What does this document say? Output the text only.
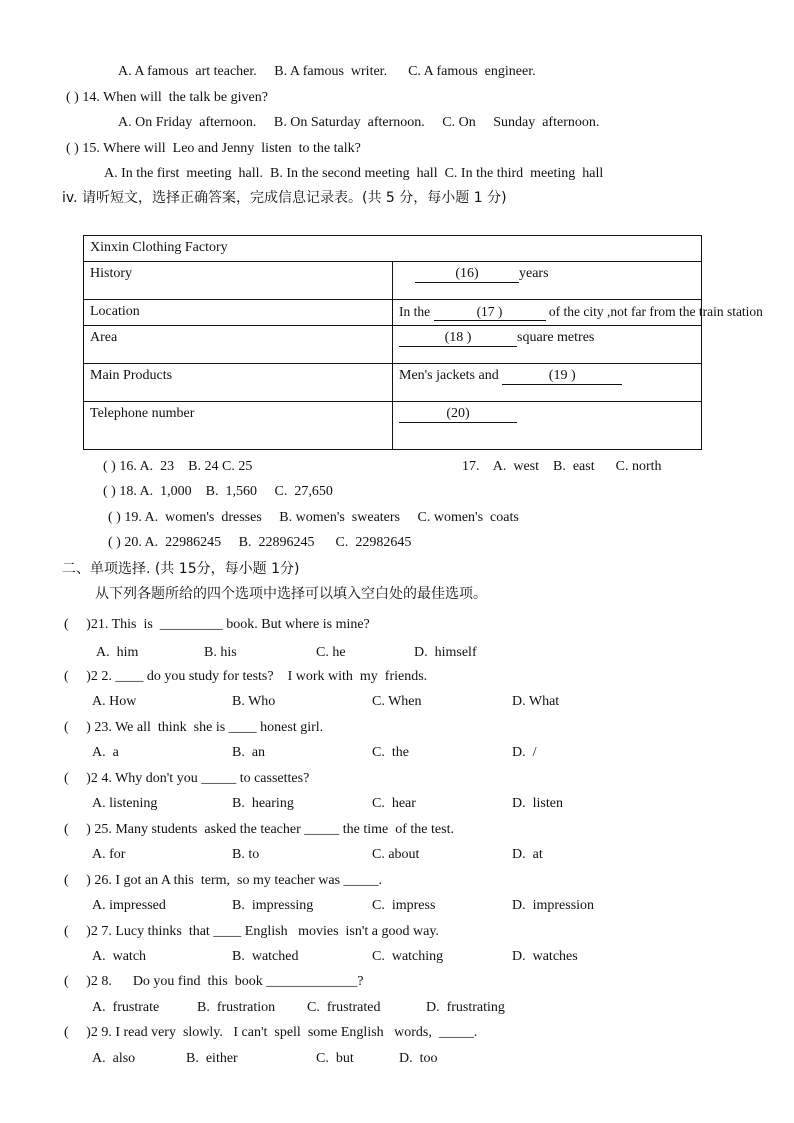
A. A famous  art teacher.     B. A famous  writer.      C. A famous  engineer.
( ) 14. When will  the talk be given?
A. On Friday  afternoon.     B. On Saturday  afternoon.     C. On     Sunday  afternoon.
( ) 15. Where will  Leo and Jenny  listen  to the talk?
A. In the first  meeting  hall.  B. In the second meeting  hall  C. In the third  meeting  hall
iv. 请听短文，选择正确答案，完成信息记录表。(共 5 分，每小题 1 分)
Xinxin Clothing Factory	
History	(16) years
Location	In the (17 ) of the city ,not far from the train station
Area	(18 ) square metres
Main Products	Men's jackets and (19 )
Telephone number	(20)
( ) 16. A.  23    B. 24 C. 25	17.    A.  west    B.  east      C. north
( ) 18. A.  1,000    B.  1,560     C.  27,650
( ) 19. A.  women's  dresses     B. women's  sweaters     C. women's  coats
( ) 20. A.  22986245     B.  22896245      C.  22982645
二、单项选择. (共 15分，每小题 1分)
从下列各题所给的四个选项中选择可以填入空白处的最佳选项。
(     )21. This  is  _________ book. But where is mine?
A.  him	B. his	C. he	D.  himself
(     )2 2. ____ do you study for tests?    I work with  my  friends.
A. How	B. Who	C. When	D. What
(     ) 23. We all  think  she is ____ honest girl.
A.  a	B.  an	C.  the	D.  /
(     )2 4. Why don't you _____ to cassettes?
A. listening	B.  hearing	C.  hear	D.  listen
(     ) 25. Many students  asked the teacher _____ the time  of the test.
A. for	B. to	C. about	D.  at
(     ) 26. I got an A this  term,  so my teacher was _____.
A. impressed	B.  impressing	C.  impress	D.  impression
(     )2 7. Lucy thinks  that ____ English   movies  isn't a good way.
A.  watch	B.  watched	C.  watching	D.  watches
(     )2 8.      Do you find  this  book _____________?
A.  frustrate	B.  frustration C.  frustrated	D.  frustrating
(     )2 9. I read very  slowly.   I can't  spell  some English   words,  _____.
A.  also	B.  either	C.  but	D.  too
